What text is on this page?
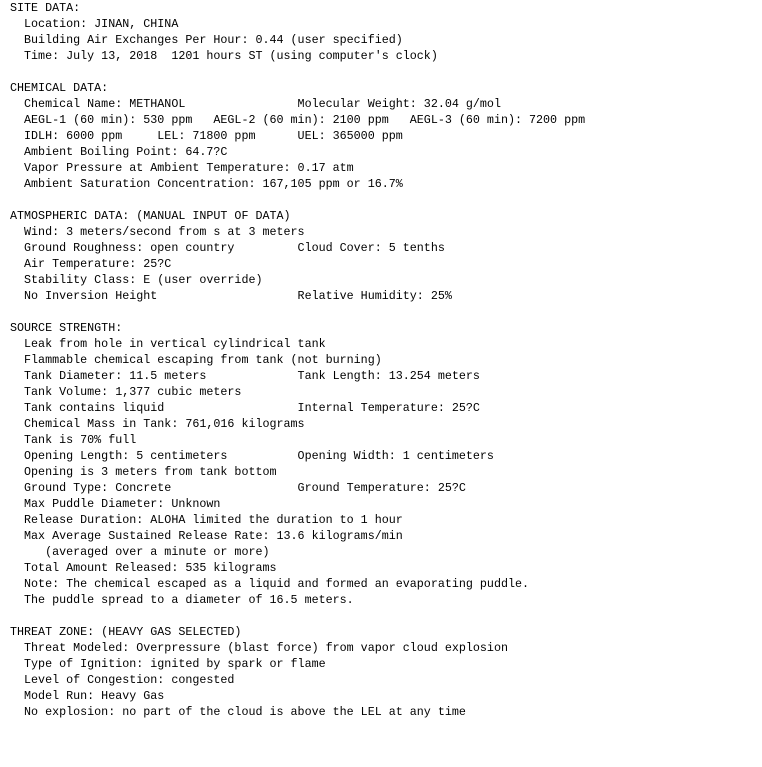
SITE DATA:
Location: JINAN, CHINA
Building Air Exchanges Per Hour: 0.44 (user specified)
Time: July 13, 2018  1201 hours ST (using computer's clock)
CHEMICAL DATA:
Chemical Name: METHANOL                Molecular Weight: 32.04 g/mol
AEGL-1 (60 min): 530 ppm   AEGL-2 (60 min): 2100 ppm   AEGL-3 (60 min): 7200 ppm
IDLH: 6000 ppm     LEL: 71800 ppm      UEL: 365000 ppm
Ambient Boiling Point: 64.7?C
Vapor Pressure at Ambient Temperature: 0.17 atm
Ambient Saturation Concentration: 167,105 ppm or 16.7%
ATMOSPHERIC DATA: (MANUAL INPUT OF DATA)
Wind: 3 meters/second from s at 3 meters
Ground Roughness: open country         Cloud Cover: 5 tenths
Air Temperature: 25?C
Stability Class: E (user override)
No Inversion Height                    Relative Humidity: 25%
SOURCE STRENGTH:
Leak from hole in vertical cylindrical tank
Flammable chemical escaping from tank (not burning)
Tank Diameter: 11.5 meters             Tank Length: 13.254 meters
Tank Volume: 1,377 cubic meters
Tank contains liquid                   Internal Temperature: 25?C
Chemical Mass in Tank: 761,016 kilograms
Tank is 70% full
Opening Length: 5 centimeters          Opening Width: 1 centimeters
Opening is 3 meters from tank bottom
Ground Type: Concrete                  Ground Temperature: 25?C
Max Puddle Diameter: Unknown
Release Duration: ALOHA limited the duration to 1 hour
Max Average Sustained Release Rate: 13.6 kilograms/min
(averaged over a minute or more)
Total Amount Released: 535 kilograms
Note: The chemical escaped as a liquid and formed an evaporating puddle.
The puddle spread to a diameter of 16.5 meters.
THREAT ZONE: (HEAVY GAS SELECTED)
Threat Modeled: Overpressure (blast force) from vapor cloud explosion
Type of Ignition: ignited by spark or flame
Level of Congestion: congested
Model Run: Heavy Gas
No explosion: no part of the cloud is above the LEL at any time
